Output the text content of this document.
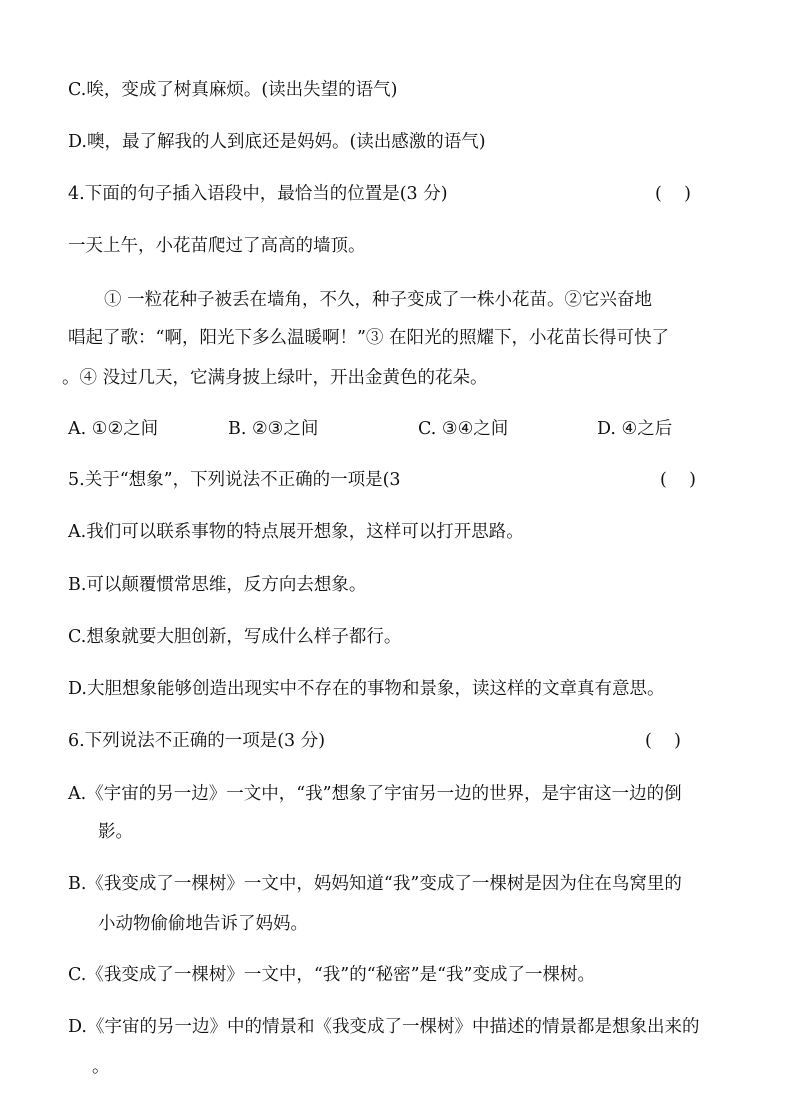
C.唉，变成了树真麻烦。(读出失望的语气)
D.噢，最了解我的人到底还是妈妈。(读出感激的语气)
4.下面的句子插入语段中，最恰当的位置是(3 分)	(    )
一天上午，小花苗爬过了高高的墙顶。
① 一粒花种子被丢在墙角，不久，种子变成了一株小花苗。②它兴奋地
唱起了歌：“啊，阳光下多么温暖啊！”③ 在阳光的照耀下，小花苗长得可快了
。④ 没过几天，它满身披上绿叶，开出金黄色的花朵。
A. ①②之间	B. ②③之间	C. ③④之间	D. ④之后
5.关于“想象”，下列说法不正确的一项是(3	(    )
A.我们可以联系事物的特点展开想象，这样可以打开思路。
B.可以颠覆惯常思维，反方向去想象。
C.想象就要大胆创新，写成什么样子都行。
D.大胆想象能够创造出现实中不存在的事物和景象，读这样的文章真有意思。
6.下列说法不正确的一项是(3 分)	(    )
A.《宇宙的另一边》一文中，“我”想象了宇宙另一边的世界，是宇宙这一边的倒
影。
B.《我变成了一棵树》一文中，妈妈知道“我”变成了一棵树是因为住在鸟窝里的
小动物偷偷地告诉了妈妈。
C.《我变成了一棵树》一文中，“我”的“秘密”是“我”变成了一棵树。
D.《宇宙的另一边》中的情景和《我变成了一棵树》中描述的情景都是想象出来的
。
